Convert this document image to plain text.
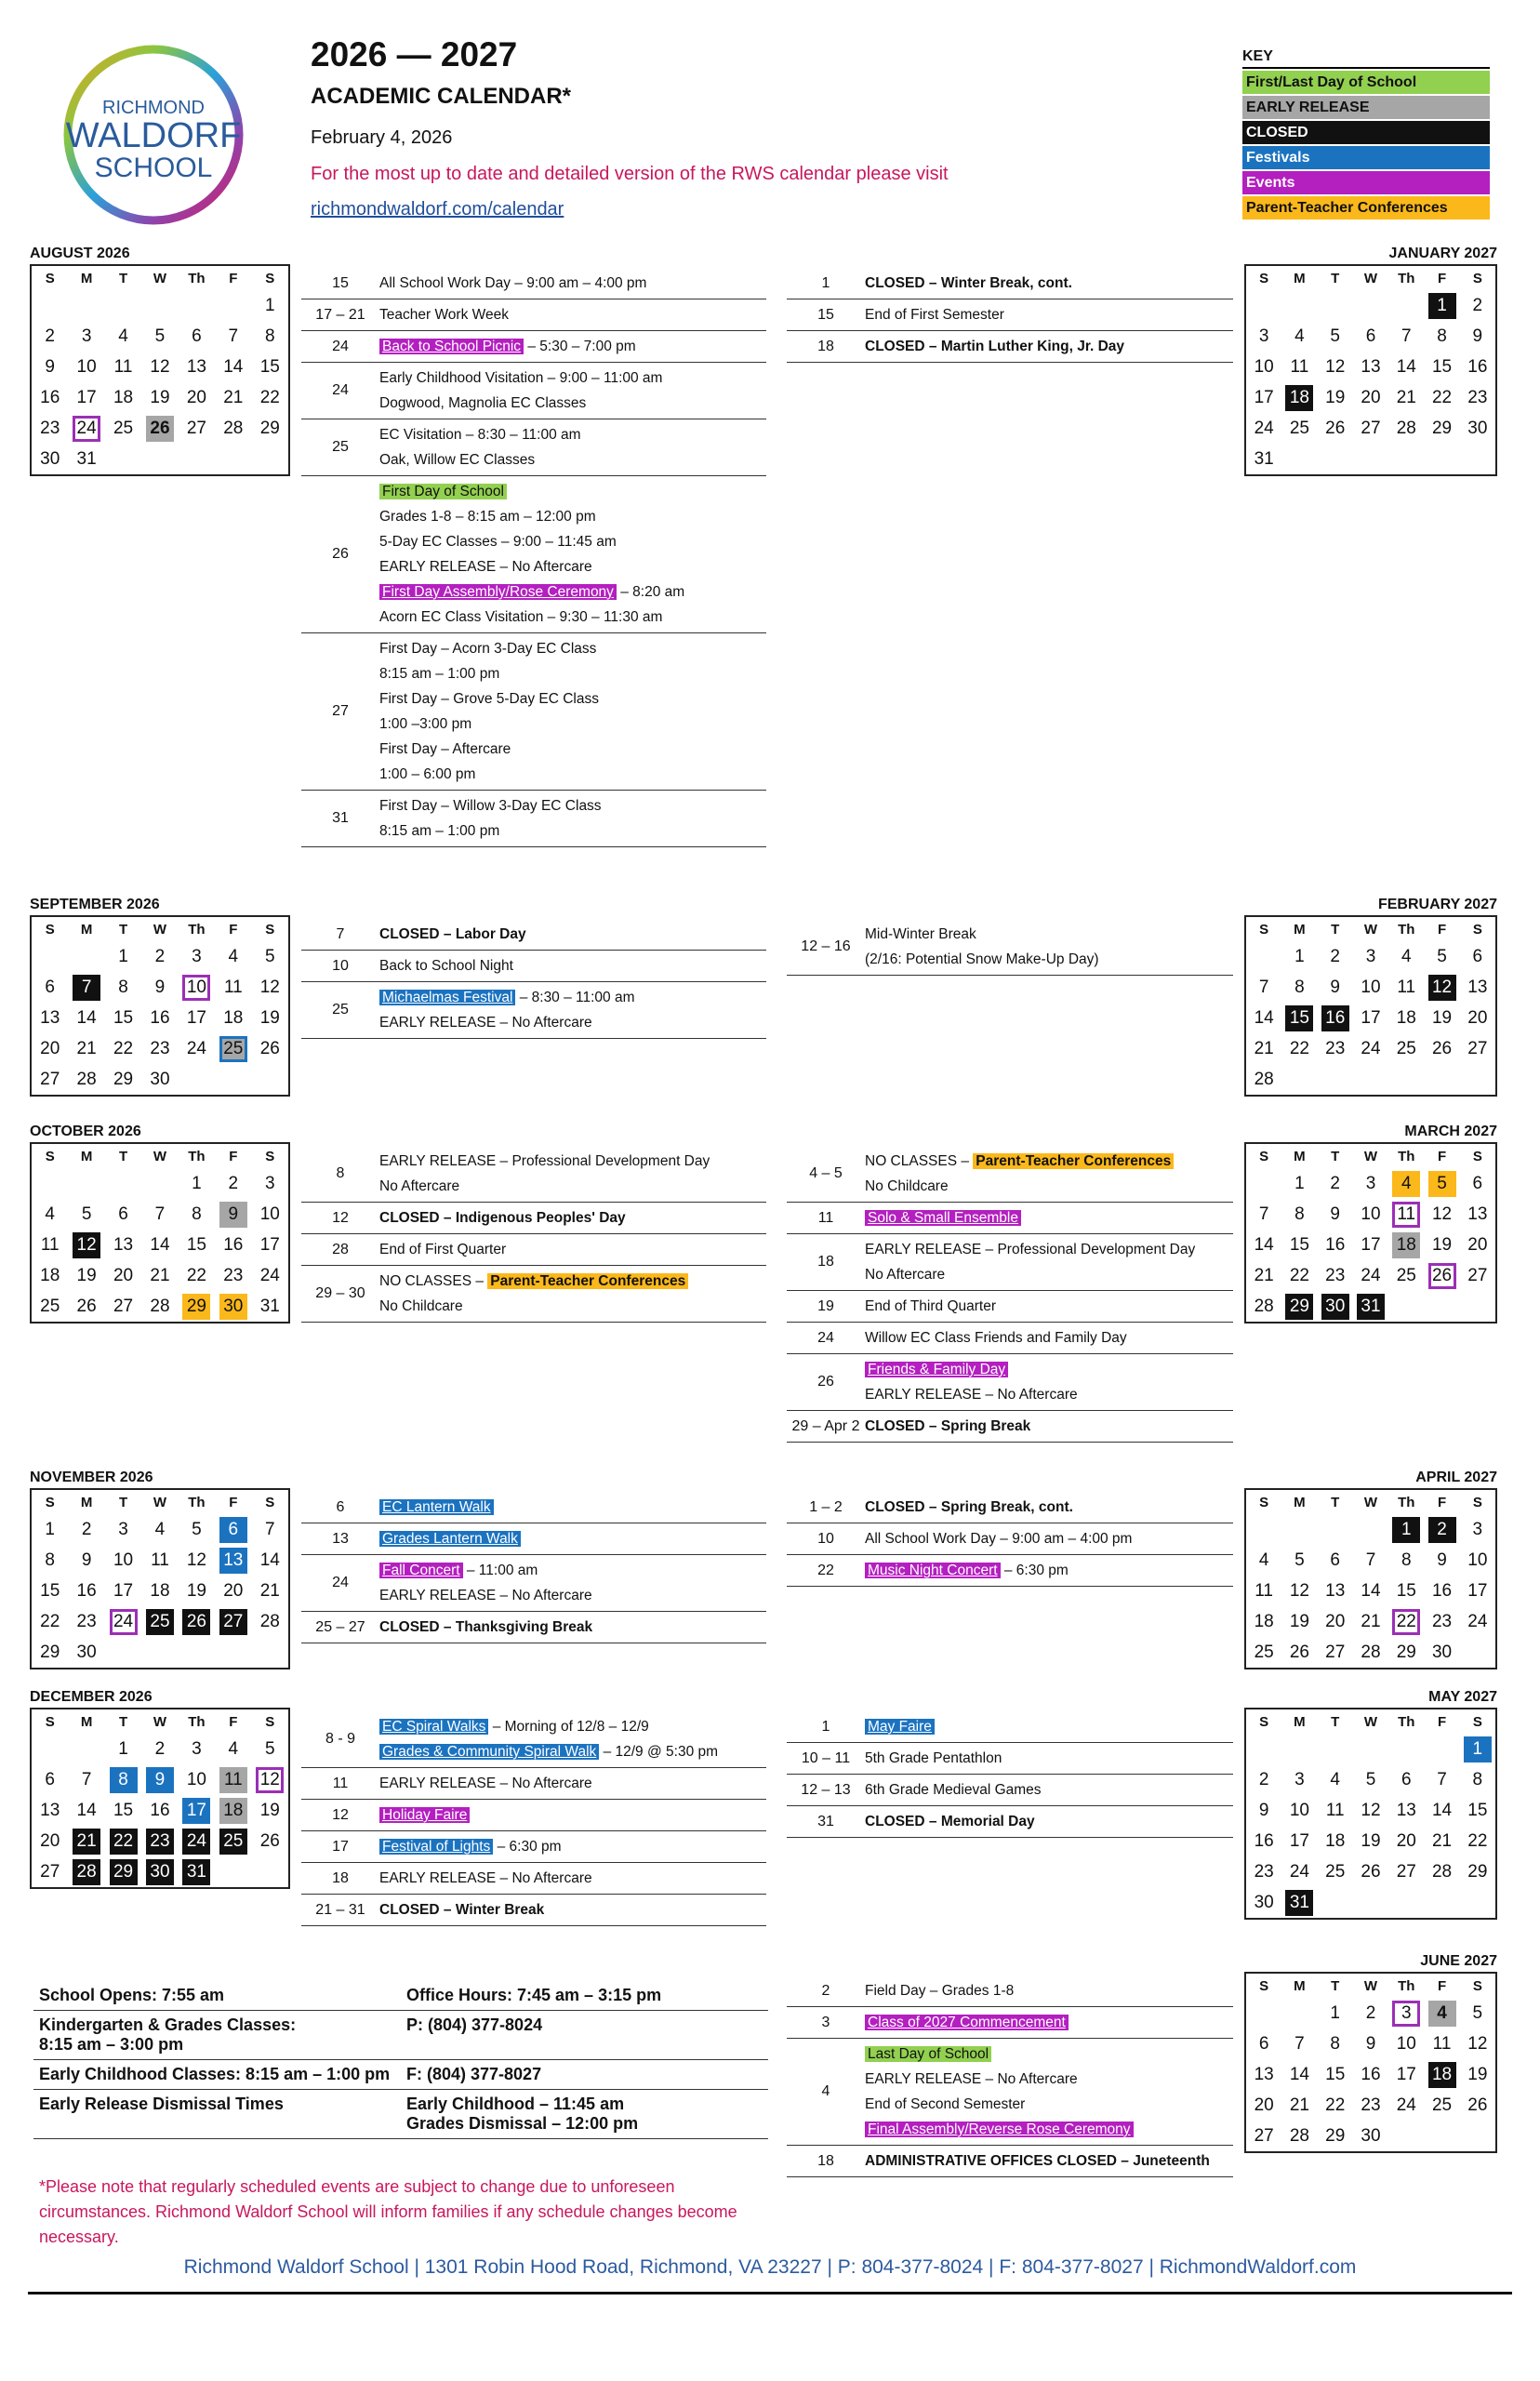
RICHMOND
WALDORF
SCHOOL
2026 — 2027
ACADEMIC CALENDAR*
February 4, 2026
For the most up to date and detailed version of the RWS calendar please visit
richmondwaldorf.com/calendar
KEY
First/Last Day of School
EARLY RELEASE
CLOSED
Festivals
Events
Parent-Teacher Conferences
AUGUST 2026
S	M	T	W	Th	F	S
						1
2	3	4	5	6	7	8
9	10	11	12	13	14	15
16	17	18	19	20	21	22
23	24	25	26	27	28	29
30	31					
JANUARY 2027
S	M	T	W	Th	F	S
					1	2
3	4	5	6	7	8	9
10	11	12	13	14	15	16
17	18	19	20	21	22	23
24	25	26	27	28	29	30
31						
SEPTEMBER 2026
S	M	T	W	Th	F	S
		1	2	3	4	5
6	7	8	9	10	11	12
13	14	15	16	17	18	19
20	21	22	23	24	25	26
27	28	29	30			
FEBRUARY 2027
S	M	T	W	Th	F	S
	1	2	3	4	5	6
7	8	9	10	11	12	13
14	15	16	17	18	19	20
21	22	23	24	25	26	27
28						
OCTOBER 2026
S	M	T	W	Th	F	S
				1	2	3
4	5	6	7	8	9	10
11	12	13	14	15	16	17
18	19	20	21	22	23	24
25	26	27	28	29	30	31
MARCH 2027
S	M	T	W	Th	F	S
	1	2	3	4	5	6
7	8	9	10	11	12	13
14	15	16	17	18	19	20
21	22	23	24	25	26	27
28	29	30	31			
NOVEMBER 2026
S	M	T	W	Th	F	S
1	2	3	4	5	6	7
8	9	10	11	12	13	14
15	16	17	18	19	20	21
22	23	24	25	26	27	28
29	30					
APRIL 2027
S	M	T	W	Th	F	S
				1	2	3
4	5	6	7	8	9	10
11	12	13	14	15	16	17
18	19	20	21	22	23	24
25	26	27	28	29	30	
DECEMBER 2026
S	M	T	W	Th	F	S
		1	2	3	4	5
6	7	8	9	10	11	12
13	14	15	16	17	18	19
20	21	22	23	24	25	26
27	28	29	30	31		
MAY 2027
S	M	T	W	Th	F	S
						1
2	3	4	5	6	7	8
9	10	11	12	13	14	15
16	17	18	19	20	21	22
23	24	25	26	27	28	29
30	31					
JUNE 2027
S	M	T	W	Th	F	S
		1	2	3	4	5
6	7	8	9	10	11	12
13	14	15	16	17	18	19
20	21	22	23	24	25	26
27	28	29	30			
15	All School Work Day – 9:00 am – 4:00 pm
17 – 21 Teacher Work Week
24	Back to School Picnic – 5:30 – 7:00 pm
24
Early Childhood Visitation – 9:00 – 11:00 am
Dogwood, Magnolia EC Classes
25
EC Visitation – 8:30 – 11:00 am
Oak, Willow EC Classes
26
First Day of School
Grades 1-8 – 8:15 am – 12:00 pm
5-Day EC Classes – 9:00 – 11:45 am
EARLY RELEASE – No Aftercare
First Day Assembly/Rose Ceremony – 8:20 am
Acorn EC Class Visitation – 9:30 – 11:30 am
27
First Day – Acorn 3-Day EC Class
8:15 am – 1:00 pm
First Day – Grove 5-Day EC Class
1:00 –3:00 pm
First Day – Aftercare
1:00 – 6:00 pm
31
First Day – Willow 3-Day EC Class
8:15 am – 1:00 pm
1	CLOSED – Winter Break, cont.
15	End of First Semester
18	CLOSED – Martin Luther King, Jr. Day
7	CLOSED – Labor Day
10	Back to School Night
25
Michaelmas Festival – 8:30 – 11:00 am
EARLY RELEASE – No Aftercare
12 – 16
Mid-Winter Break
(2/16: Potential Snow Make-Up Day)
8
EARLY RELEASE – Professional Development Day
No Aftercare
12	CLOSED – Indigenous Peoples' Day
28	End of First Quarter
29 – 30
NO CLASSES – Parent-Teacher Conferences
No Childcare
4 – 5
NO CLASSES – Parent-Teacher Conferences
No Childcare
11	Solo & Small Ensemble
18
EARLY RELEASE – Professional Development Day
No Aftercare
19	End of Third Quarter
24	Willow EC Class Friends and Family Day
26
Friends & Family Day
EARLY RELEASE – No Aftercare
29 – Apr 2 CLOSED – Spring Break
6	EC Lantern Walk
13	Grades Lantern Walk
24
Fall Concert – 11:00 am
EARLY RELEASE – No Aftercare
25 – 27 CLOSED – Thanksgiving Break
1 – 2	CLOSED – Spring Break, cont.
10	All School Work Day – 9:00 am – 4:00 pm
22	Music Night Concert – 6:30 pm
8 - 9
EC Spiral Walks – Morning of 12/8 – 12/9
Grades & Community Spiral Walk – 12/9 @ 5:30 pm
11	EARLY RELEASE – No Aftercare
12	Holiday Faire
17	Festival of Lights – 6:30 pm
18	EARLY RELEASE – No Aftercare
21 – 31 CLOSED – Winter Break
1	May Faire
10 – 11	5th Grade Pentathlon
12 – 13 6th Grade Medieval Games
31	CLOSED – Memorial Day
2	Field Day – Grades 1-8
3	Class of 2027 Commencement
4
Last Day of School
EARLY RELEASE – No Aftercare
End of Second Semester
Final Assembly/Reverse Rose Ceremony
18	ADMINISTRATIVE OFFICES CLOSED – Juneteenth
School Opens: 7:55 am	Office Hours: 7:45 am – 3:15 pm
Kindergarten & Grades Classes:
8:15 am – 3:00 pm
P: (804) 377-8024
Early Childhood Classes: 8:15 am – 1:00 pm F: (804) 377-8027
Early Release Dismissal Times	Early Childhood – 11:45 am
Grades Dismissal – 12:00 pm
*Please note that regularly scheduled events are subject to change due to unforeseen circumstances. Richmond Waldorf School will inform families if any schedule changes become necessary.
Richmond Waldorf School | 1301 Robin Hood Road, Richmond, VA 23227 | P: 804-377-8024 | F: 804-377-8027 | RichmondWaldorf.com
